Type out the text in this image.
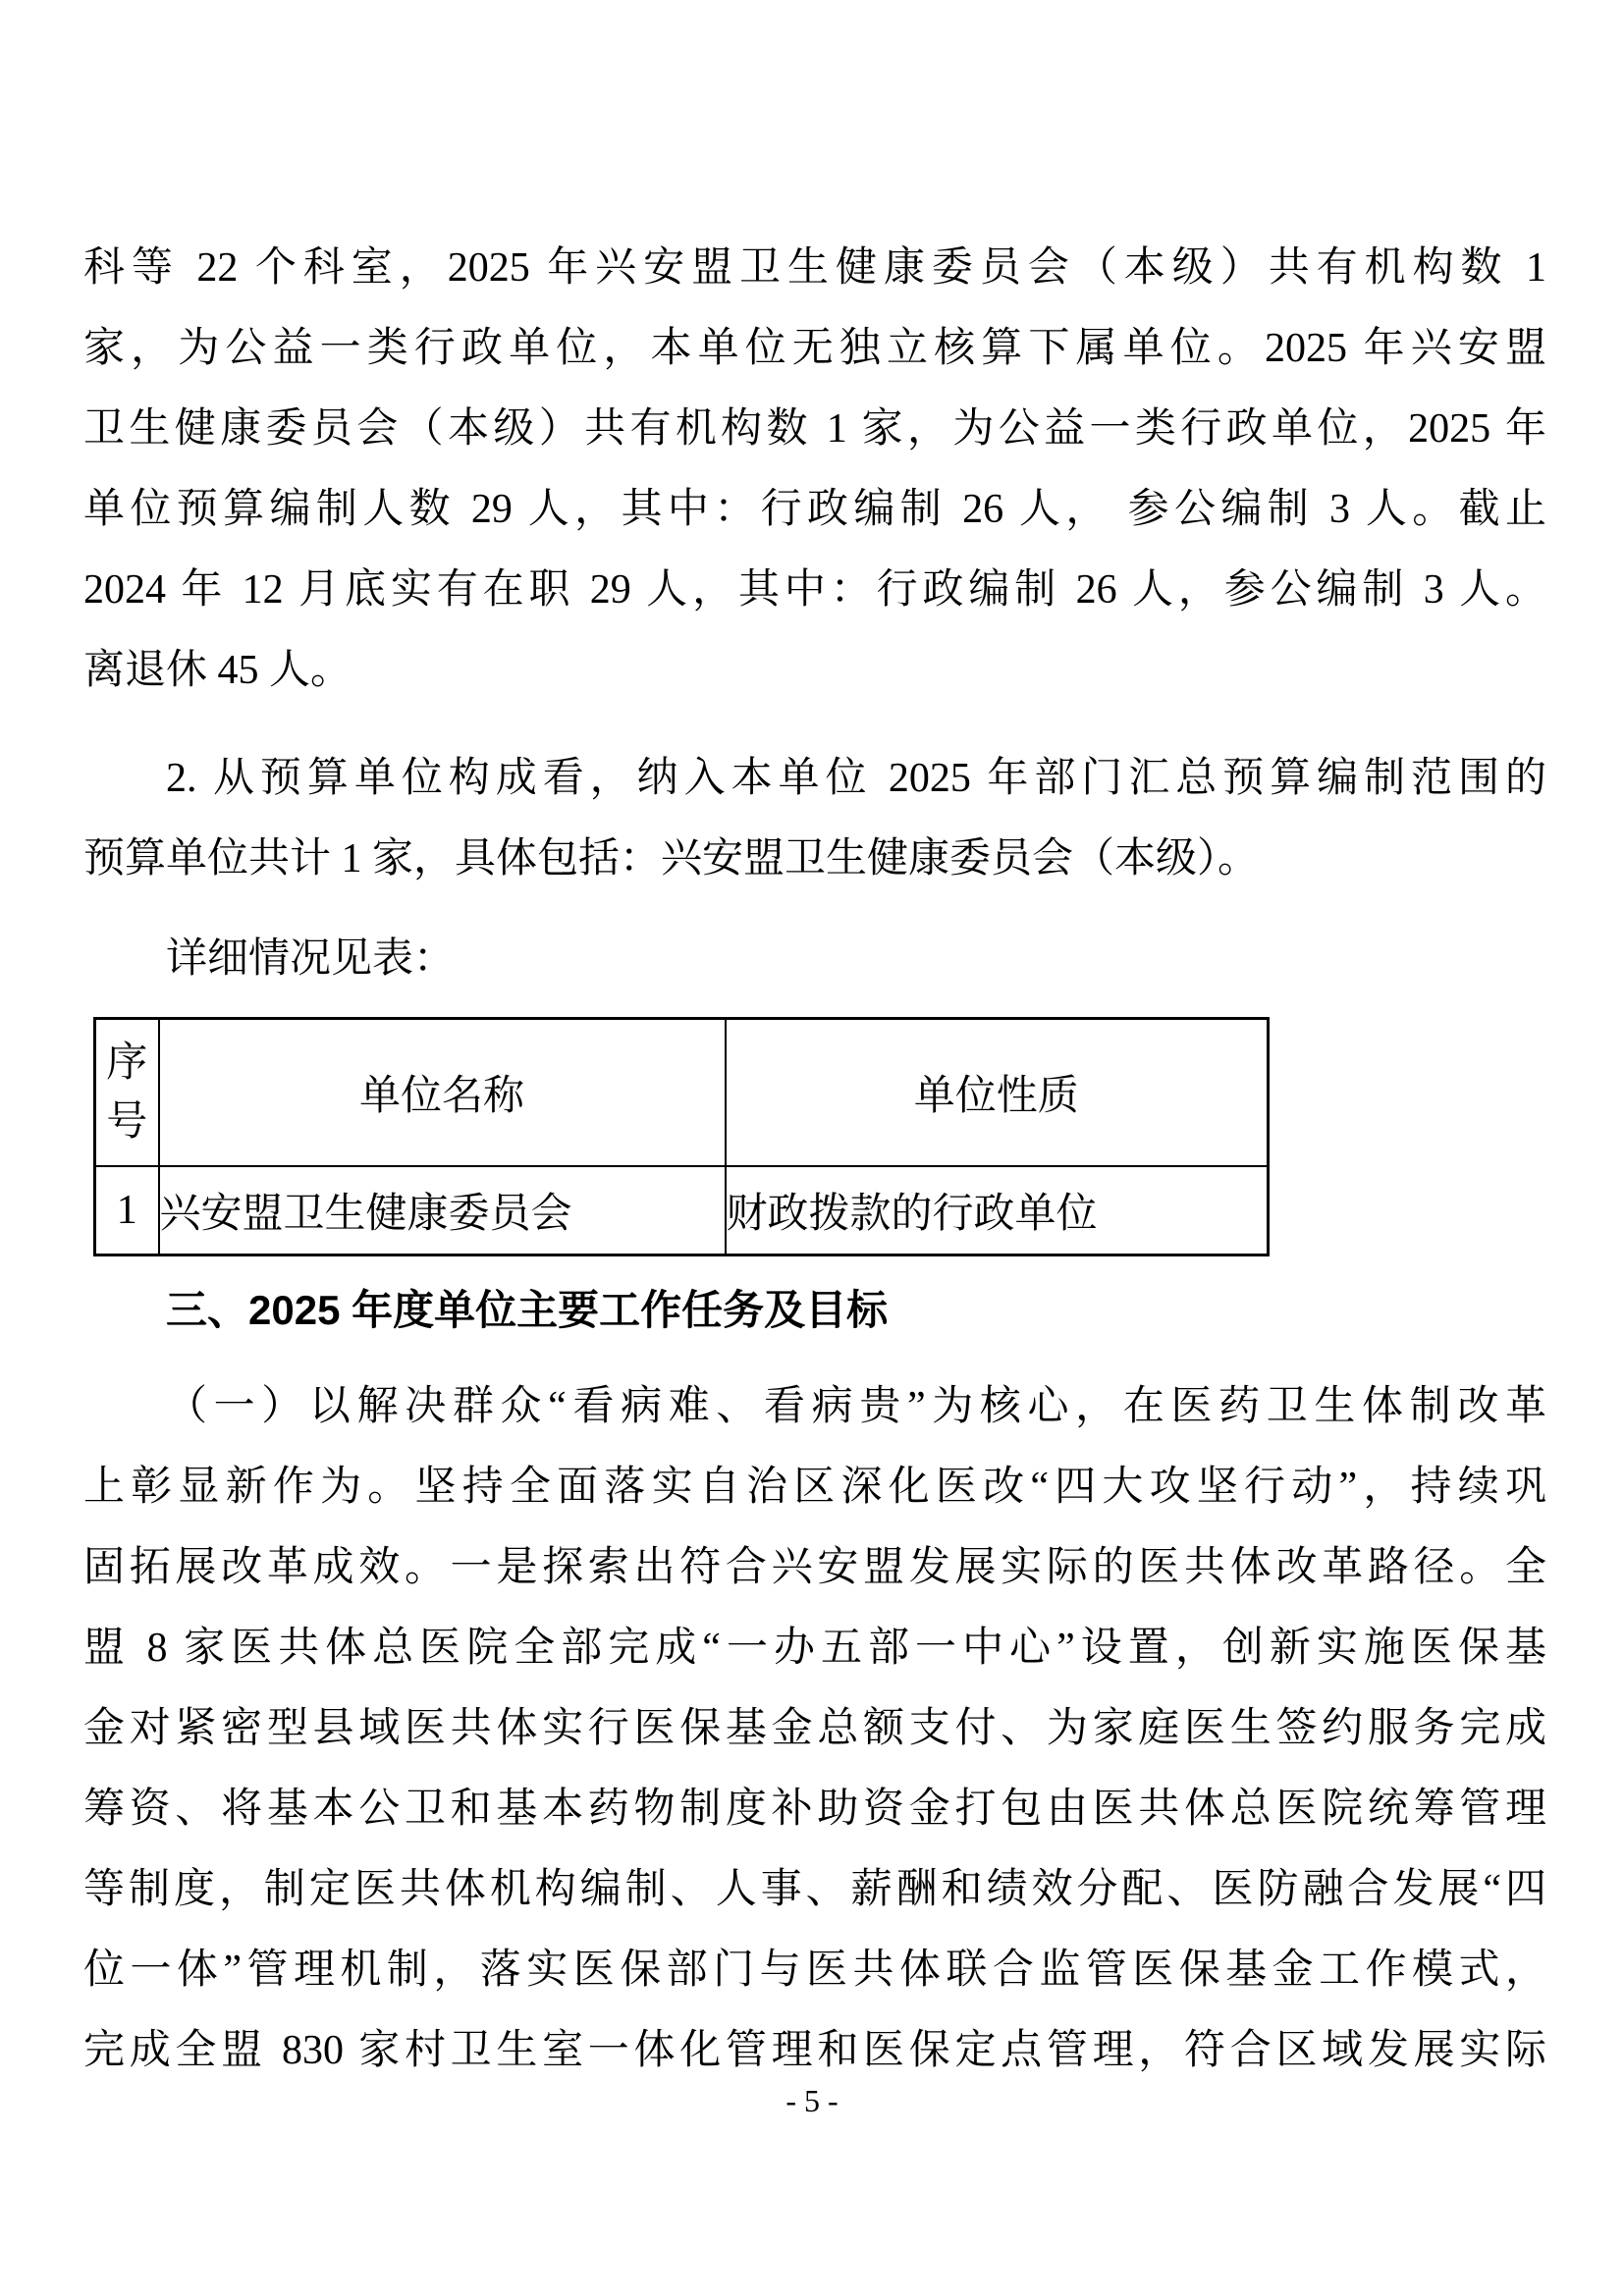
科等 22 个科室，2025 年兴安盟卫生健康委员会（本级）共有机构数 1
家，为公益一类行政单位，本单位无独立核算下属单位。2025 年兴安盟
卫生健康委员会（本级）共有机构数 1 家，为公益一类行政单位，2025 年
单位预算编制人数 29 人，其中：行政编制 26 人， 参公编制 3 人。截止
2024 年 12 月底实有在职 29 人，其中：行政编制 26 人，参公编制 3 人。
离退休 45 人。
2. 从预算单位构成看，纳入本单位 2025 年部门汇总预算编制范围的
预算单位共计 1 家，具体包括：兴安盟卫生健康委员会（本级）。
详细情况见表：
序号	单位名称	单位性质
1	兴安盟卫生健康委员会	财政拨款的行政单位
三、2025 年度单位主要工作任务及目标
（一）以解决群众“看病难、看病贵”为核心，在医药卫生体制改革
上彰显新作为。坚持全面落实自治区深化医改“四大攻坚行动”，持续巩
固拓展改革成效。一是探索出符合兴安盟发展实际的医共体改革路径。全
盟 8 家医共体总医院全部完成“一办五部一中心”设置，创新实施医保基
金对紧密型县域医共体实行医保基金总额支付、为家庭医生签约服务完成
筹资、将基本公卫和基本药物制度补助资金打包由医共体总医院统筹管理
等制度，制定医共体机构编制、人事、薪酬和绩效分配、医防融合发展“四
位一体”管理机制，落实医保部门与医共体联合监管医保基金工作模式，
完成全盟 830 家村卫生室一体化管理和医保定点管理，符合区域发展实际
- 5 -
